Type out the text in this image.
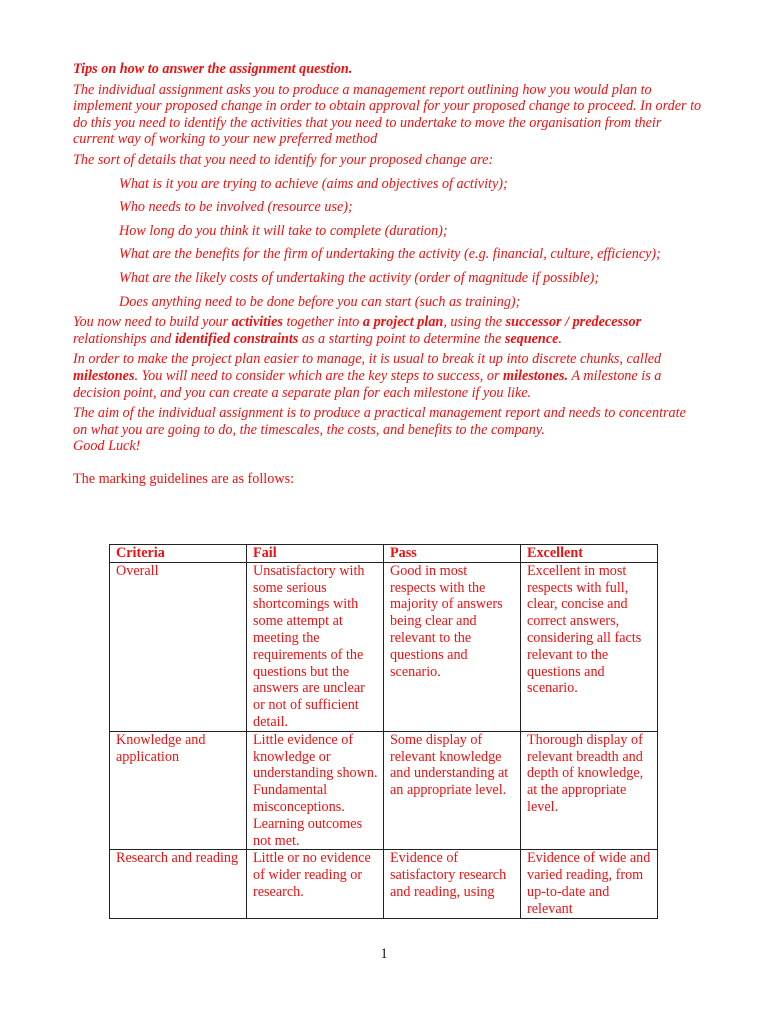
Tips on how to answer the assignment question.

The individual assignment asks you to produce a management report outlining how you would plan to implement your proposed change in order to obtain approval for your proposed change to proceed. In order to do this you need to identify the activities that you need to undertake to move the organisation from their current way of working to your new preferred method

The sort of details that you need to identify for your proposed change are:

What is it you are trying to achieve (aims and objectives of activity);

Who needs to be involved (resource use);

How long do you think it will take to complete (duration);

What are the benefits for the firm of undertaking the activity (e.g. financial, culture, efficiency);

What are the likely costs of undertaking the activity (order of magnitude if possible);

Does anything need to be done before you can start (such as training);

You now need to build your activities together into a project plan, using the successor / predecessor relationships and identified constraints as a starting point to determine the sequence.

In order to make the project plan easier to manage, it is usual to break it up into discrete chunks, called milestones. You will need to consider which are the key steps to success, or milestones. A milestone is a decision point, and you can create a separate plan for each milestone if you like.

The aim of the individual assignment is to produce a practical management report and needs to concentrate on what you are going to do, the timescales, the costs, and benefits to the company.

Good Luck!

The marking guidelines are as follows:

Criteria	Fail	Pass	Excellent
Overall	Unsatisfactory with some serious shortcomings with some attempt at meeting the requirements of the questions but the answers are unclear or not of sufficient detail.	Good in most respects with the majority of answers being clear and relevant to the questions and scenario.	Excellent in most respects with full, clear, concise and correct answers, considering all facts relevant to the questions and scenario.
Knowledge and application	Little evidence of knowledge or understanding shown. Fundamental misconceptions. Learning outcomes not met.	Some display of relevant knowledge and understanding at an appropriate level.	Thorough display of relevant breadth and depth of knowledge, at the appropriate level.
Research and reading	Little or no evidence of wider reading or research.	Evidence of satisfactory research and reading, using	Evidence of wide and varied reading, from up-to-date and relevant
1
